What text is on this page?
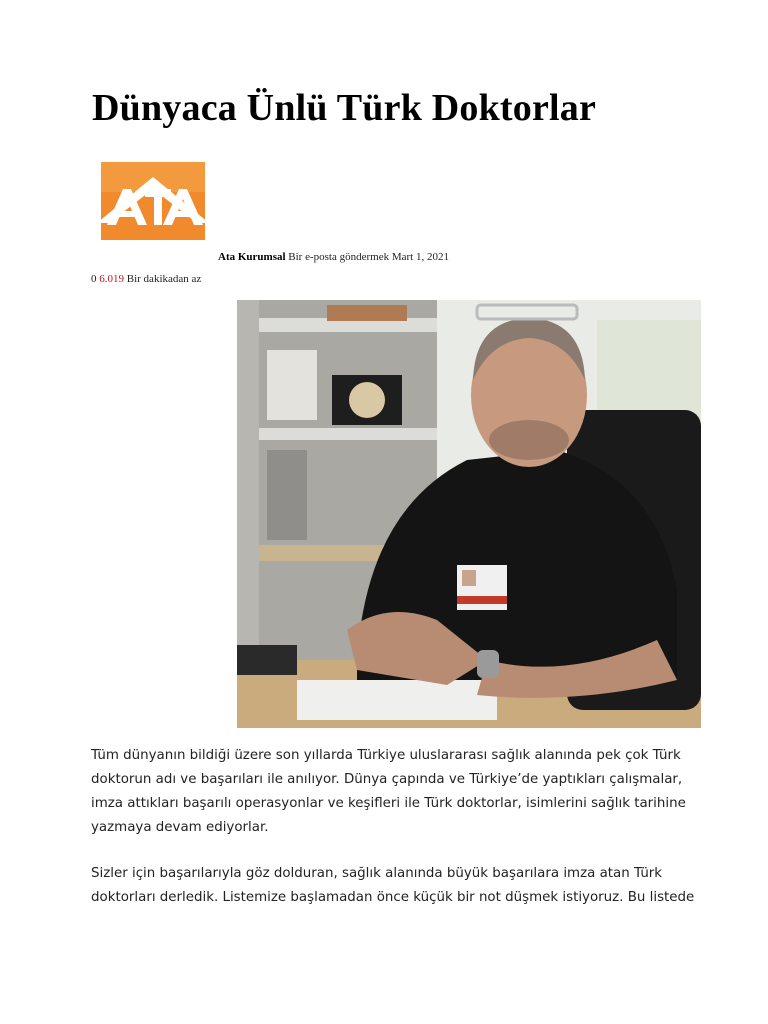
Dünyaca Ünlü Türk Doktorlar
Ata Kurumsal Bir e-posta göndermek Mart 1, 2021
0 6.019 Bir dakikadan az

Tüm dünyanın bildiği üzere son yıllarda Türkiye uluslararası sağlık alanında pek çok Türk
doktorun adı ve başarıları ile anılıyor. Dünya çapında ve Türkiye’de yaptıkları çalışmalar,
imza attıkları başarılı operasyonlar ve keşifleri ile Türk doktorlar, isimlerini sağlık tarihine
yazmaya devam ediyorlar.

Sizler için başarılarıyla göz dolduran, sağlık alanında büyük başarılara imza atan Türk
doktorları derledik. Listemize başlamadan önce küçük bir not düşmek istiyoruz. Bu listede
